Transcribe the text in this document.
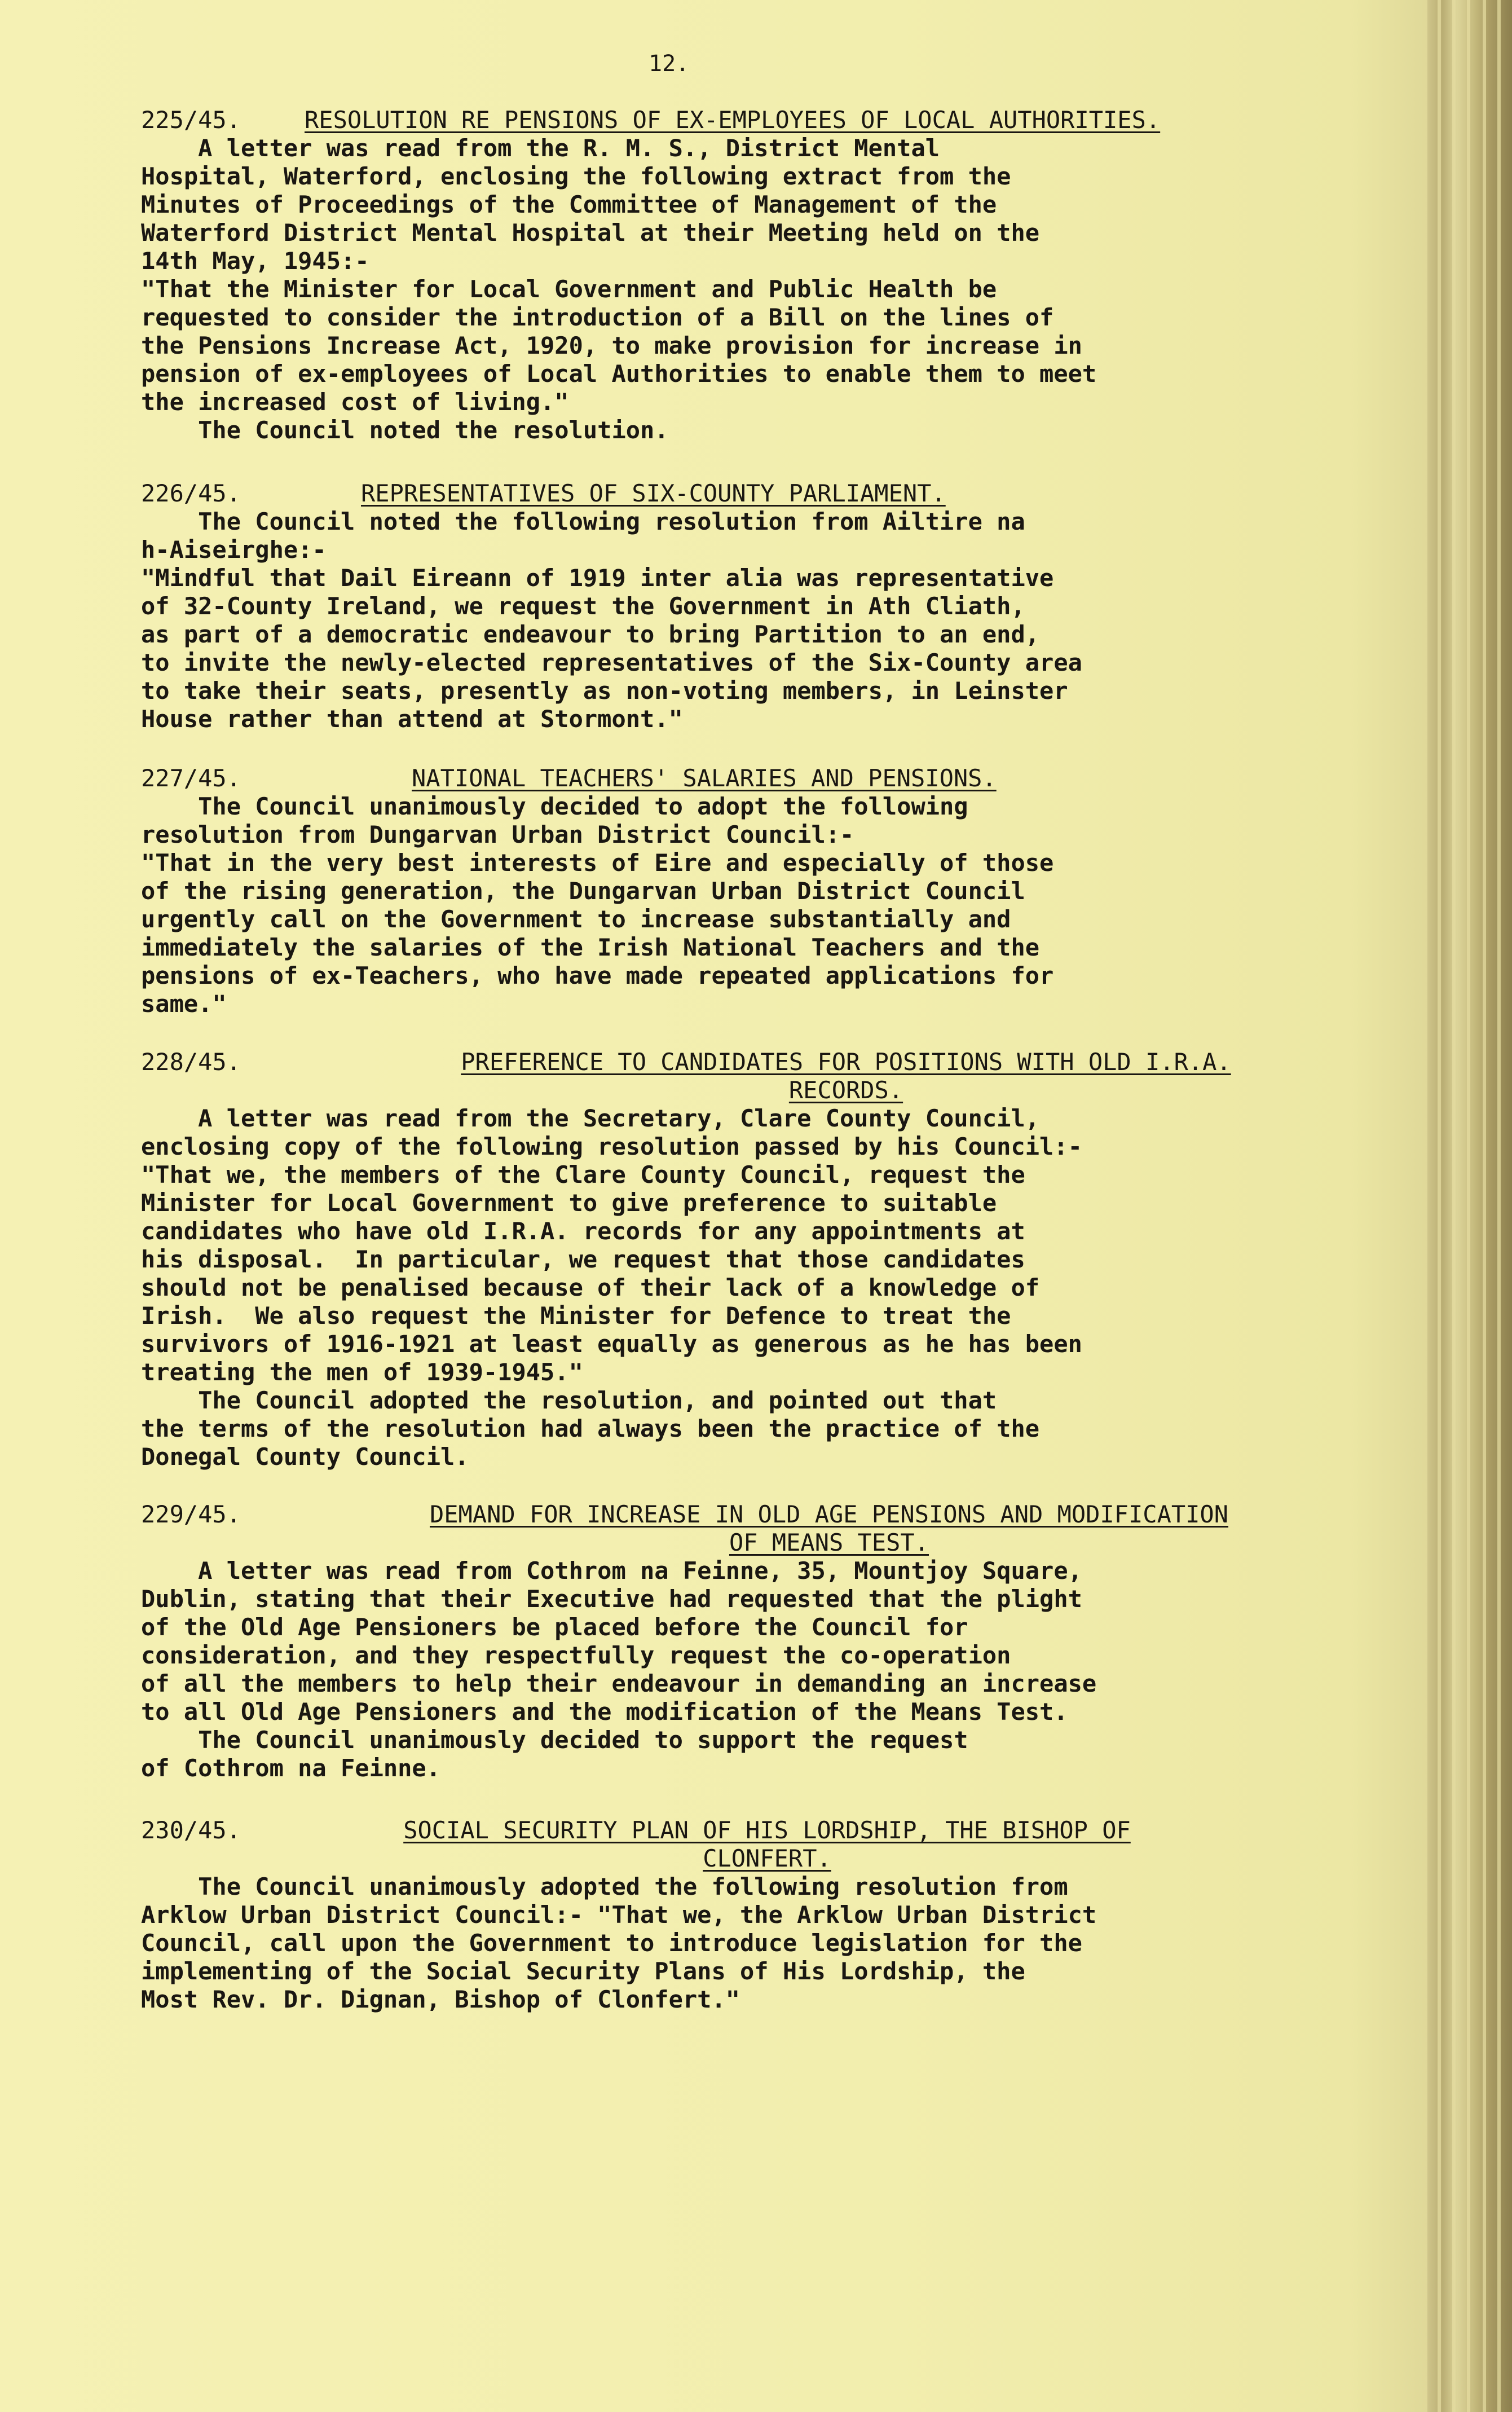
12.
225/45.	RESOLUTION RE PENSIONS OF EX-EMPLOYEES OF LOCAL AUTHORITIES.
A letter was read from the R. M. S., District Mental
Hospital, Waterford, enclosing the following extract from the
Minutes of Proceedings of the Committee of Management of the
Waterford District Mental Hospital at their Meeting held on the
14th May, 1945:-
"That the Minister for Local Government and Public Health be
requested to consider the introduction of a Bill on the lines of
the Pensions Increase Act, 1920, to make provision for increase in
pension of ex-employees of Local Authorities to enable them to meet
the increased cost of living."
The Council noted the resolution.
226/45.	REPRESENTATIVES OF SIX-COUNTY PARLIAMENT.
The Council noted the following resolution from Ailtire na
h-Aiseirghe:-
"Mindful that Dail Eireann of 1919 inter alia was representative
of 32-County Ireland, we request the Government in Ath Cliath,
as part of a democratic endeavour to bring Partition to an end,
to invite the newly-elected representatives of the Six-County area
to take their seats, presently as non-voting members, in Leinster
House rather than attend at Stormont."
227/45.	NATIONAL TEACHERS' SALARIES AND PENSIONS.
The Council unanimously decided to adopt the following
resolution from Dungarvan Urban District Council:-
"That in the very best interests of Eire and especially of those
of the rising generation, the Dungarvan Urban District Council
urgently call on the Government to increase substantially and
immediately the salaries of the Irish National Teachers and the
pensions of ex-Teachers, who have made repeated applications for
same."
228/45.	PREFERENCE TO CANDIDATES FOR POSITIONS WITH OLD I.R.A.
RECORDS.
A letter was read from the Secretary, Clare County Council,
enclosing copy of the following resolution passed by his Council:-
"That we, the members of the Clare County Council, request the
Minister for Local Government to give preference to suitable
candidates who have old I.R.A. records for any appointments at
his disposal.  In particular, we request that those candidates
should not be penalised because of their lack of a knowledge of
Irish.  We also request the Minister for Defence to treat the
survivors of 1916-1921 at least equally as generous as he has been
treating the men of 1939-1945."
The Council adopted the resolution, and pointed out that
the terms of the resolution had always been the practice of the
Donegal County Council.
229/45.	DEMAND FOR INCREASE IN OLD AGE PENSIONS AND MODIFICATION
OF MEANS TEST.
A letter was read from Cothrom na Feinne, 35, Mountjoy Square,
Dublin, stating that their Executive had requested that the plight
of the Old Age Pensioners be placed before the Council for
consideration, and they respectfully request the co-operation
of all the members to help their endeavour in demanding an increase
to all Old Age Pensioners and the modification of the Means Test.
The Council unanimously decided to support the request
of Cothrom na Feinne.
230/45.	SOCIAL SECURITY PLAN OF HIS LORDSHIP, THE BISHOP OF
CLONFERT.
The Council unanimously adopted the following resolution from
Arklow Urban District Council:- "That we, the Arklow Urban District
Council, call upon the Government to introduce legislation for the
implementing of the Social Security Plans of His Lordship, the
Most Rev. Dr. Dignan, Bishop of Clonfert."
